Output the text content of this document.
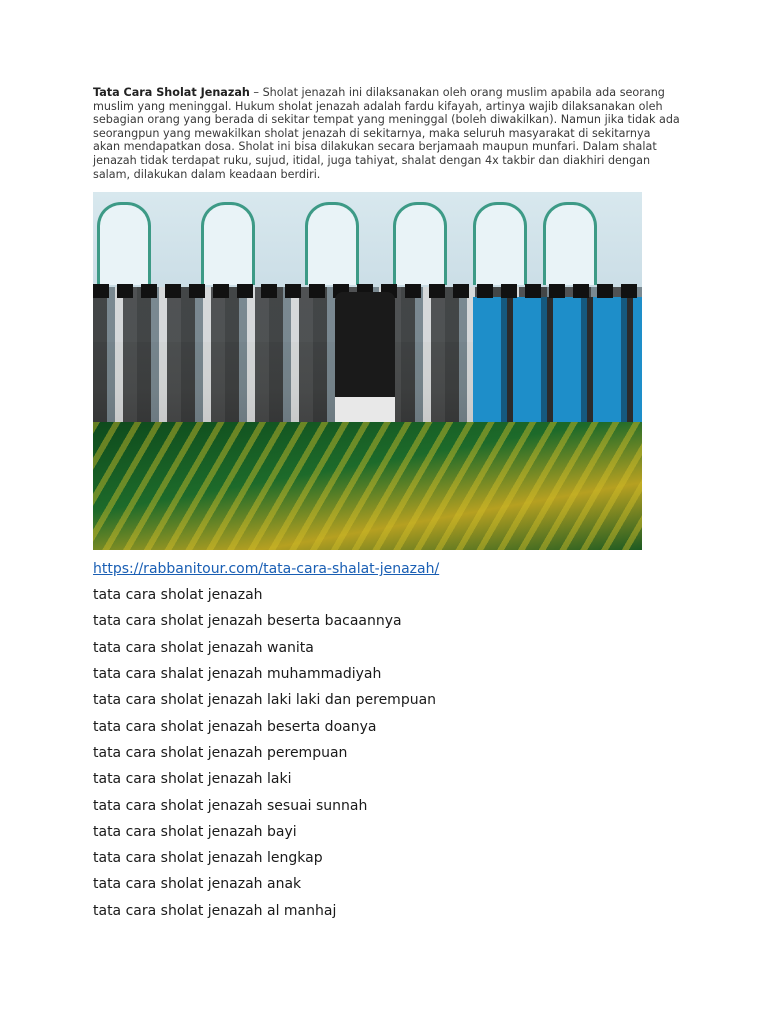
Tata Cara Sholat Jenazah – Sholat jenazah ini dilaksanakan oleh orang muslim apabila ada seorang muslim yang meninggal. Hukum sholat jenazah adalah fardu kifayah, artinya wajib dilaksanakan oleh sebagian orang yang berada di sekitar tempat yang meninggal (boleh diwakilkan). Namun jika tidak ada seorangpun yang mewakilkan sholat jenazah di sekitarnya, maka seluruh masyarakat di sekitarnya akan mendapatkan dosa. Sholat ini bisa dilakukan secara berjamaah maupun munfari. Dalam shalat jenazah tidak terdapat ruku, sujud, itidal, juga tahiyat, shalat dengan 4x takbir dan diakhiri dengan salam, dilakukan dalam keadaan berdiri.

https://rabbanitour.com/tata-cara-shalat-jenazah/
tata cara sholat jenazah
tata cara sholat jenazah beserta bacaannya
tata cara sholat jenazah wanita
tata cara shalat jenazah muhammadiyah
tata cara sholat jenazah laki laki dan perempuan
tata cara sholat jenazah beserta doanya
tata cara sholat jenazah perempuan
tata cara sholat jenazah laki
tata cara sholat jenazah sesuai sunnah
tata cara sholat jenazah bayi
tata cara sholat jenazah lengkap
tata cara sholat jenazah anak
tata cara sholat jenazah al manhaj
